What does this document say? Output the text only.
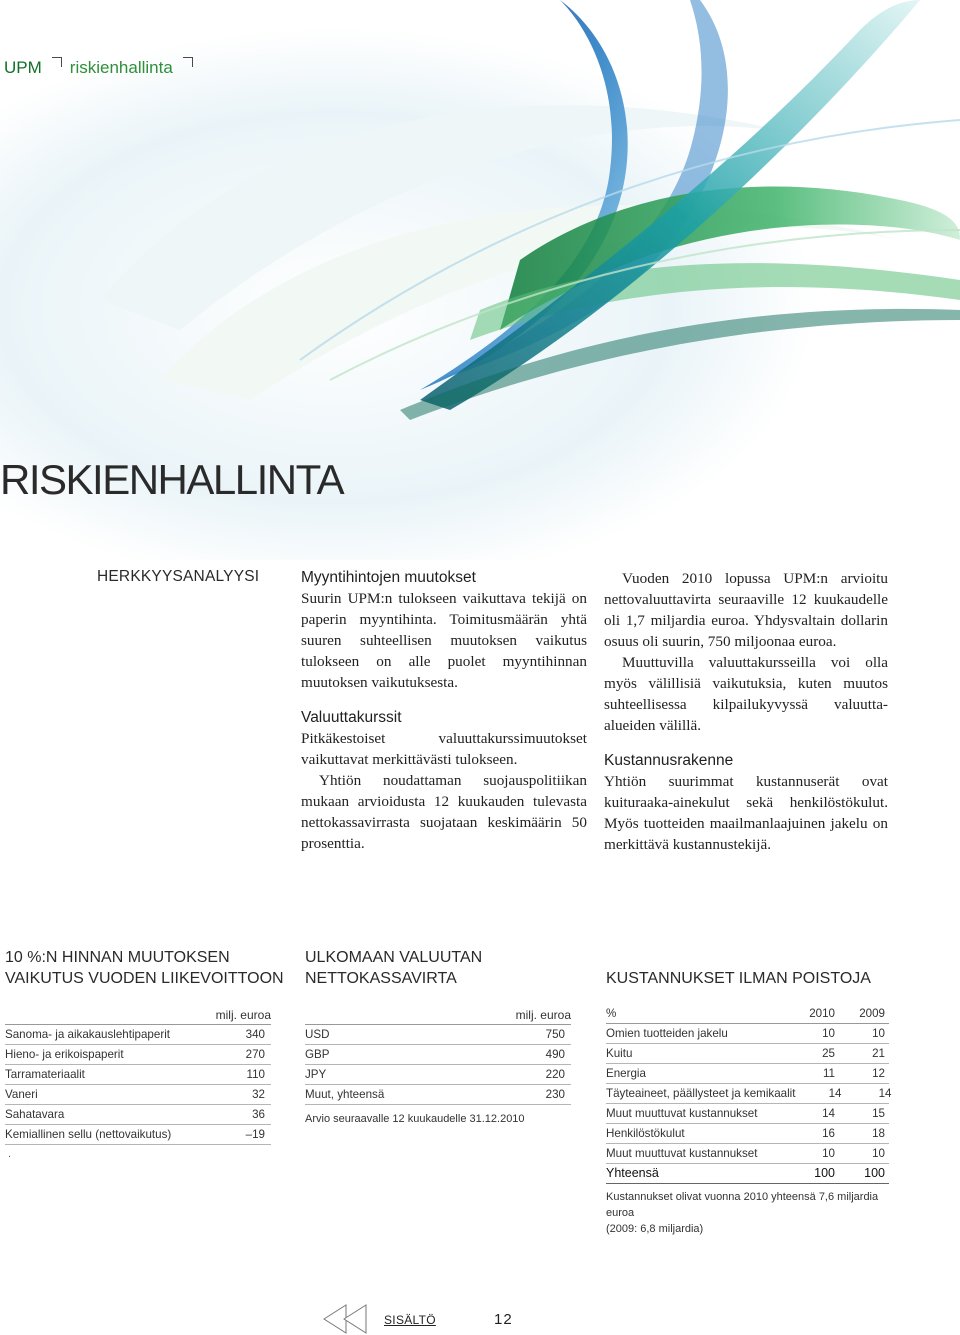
UPM riskienhallinta
RISKIENHALLINTA
HERKKYYSANALYYSI	Myyntihintojen muutokset

Suurin UPM:n tulokseen vaikuttava tekijä on paperin myyntihinta. Toimitusmäärän yhtä suuren suhteellisen muutoksen vaikutus tulokseen on alle puolet myyntihinnan muutoksen vaikutuksesta.

Valuuttakurssit

Pitkäkestoiset valuuttakurssimuutokset vaikuttavat merkittävästi tulokseen.

Yhtiön noudattaman suojauspolitiikan mukaan arvioidusta 12 kuukauden tulevasta nettokassavirrasta suojataan keskimäärin 50 prosenttia.

Vuoden 2010 lopussa UPM:n arvioitu nettovaluuttavirta seuraaville 12 kuukaudelle oli 1,7 miljardia euroa. Yhdysvaltain dollarin osuus oli suurin, 750 miljoonaa euroa.

Muuttuvilla valuuttakursseilla voi olla myös välillisiä vaikutuksia, kuten muutos suhteellisessa kilpailukyvyssä valuutta-alueiden välillä.

Kustannusrakenne

Yhtiön suurimmat kustannuserät ovat kuituraaka-ainekulut sekä henkilöstökulut. Myös tuotteiden maailmanlaajuinen jakelu on merkittävä kustannustekijä.

10 %:N HINNAN MUUTOKSEN
VAIKUTUS VUODEN LIIKEVOITTOON
milj. euroa
Sanoma- ja aikakauslehtipaperit	340
Hieno- ja erikoispaperit	270
Tarramateriaalit	110
Vaneri	32
Sahatavara	36
Kemiallinen sellu (nettovaikutus)	–19
.
ULKOMAAN VALUUTAN
NETTOKASSAVIRTA
milj. euroa
USD	750
GBP	490
JPY	220
Muut, yhteensä	230
Arvio seuraavalle 12 kuukaudelle 31.12.2010
KUSTANNUKSET ILMAN POISTOJA
%	2010	2009
Omien tuotteiden jakelu	10	10
Kuitu	25	21
Energia	11	12
Täyteaineet, päällysteet ja kemikaalit	14	14
Muut muuttuvat kustannukset	14	15
Henkilöstökulut	16	18
Muut muuttuvat kustannukset	10	10
Yhteensä	100	100
Kustannukset olivat vuonna 2010 yhteensä 7,6 miljardia euroa
(2009: 6,8 miljardia)
SISÄLTÖ	12
